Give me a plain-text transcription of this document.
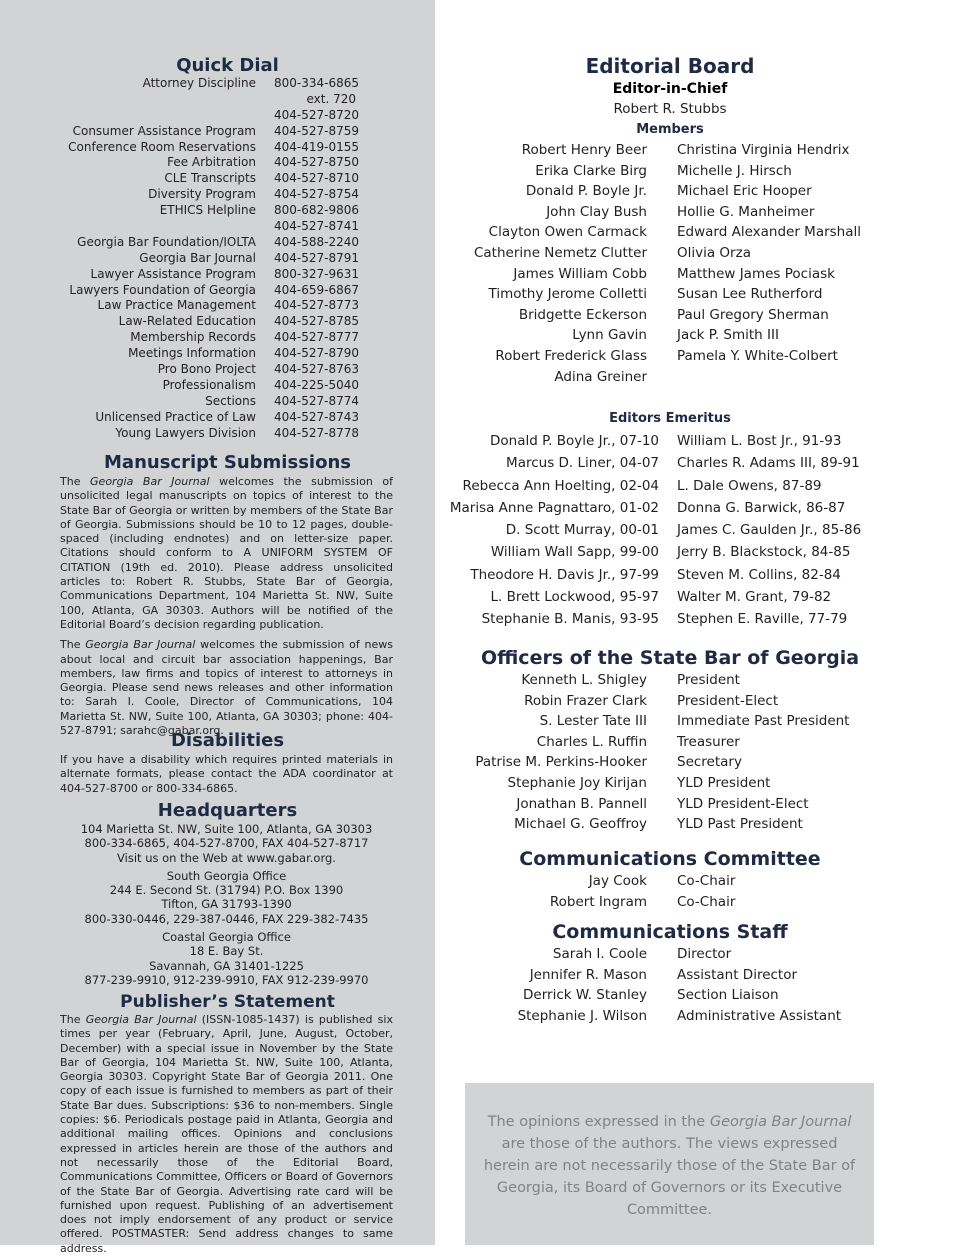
Quick Dial
Attorney Discipline 800-334-6865
ext. 720
404-527-8720
Consumer Assistance Program 404-527-8759
Conference Room Reservations 404-419-0155
Fee Arbitration 404-527-8750
CLE Transcripts 404-527-8710
Diversity Program 404-527-8754
ETHICS Helpline 800-682-9806
404-527-8741
Georgia Bar Foundation/IOLTA 404-588-2240
Georgia Bar Journal 404-527-8791
Lawyer Assistance Program 800-327-9631
Lawyers Foundation of Georgia 404-659-6867
Law Practice Management 404-527-8773
Law-Related Education 404-527-8785
Membership Records 404-527-8777
Meetings Information 404-527-8790
Pro Bono Project 404-527-8763
Professionalism 404-225-5040
Sections 404-527-8774
Unlicensed Practice of Law 404-527-8743
Young Lawyers Division 404-527-8778
Manuscript Submissions

The Georgia Bar Journal welcomes the submission of unsolicited legal manuscripts on topics of interest to the State Bar of Georgia or written by members of the State Bar of Georgia. Submissions should be 10 to 12 pages, double-spaced (including endnotes) and on letter-size paper. Citations should conform to A UNIFORM SYSTEM OF CITATION (19th ed. 2010). Please address unsolicited articles to: Robert R. Stubbs, State Bar of Georgia, Communications Department, 104 Marietta St. NW, Suite 100, Atlanta, GA 30303. Authors will be notified of the Editorial Board’s decision regarding publication.

The Georgia Bar Journal welcomes the submission of news about local and circuit bar association happenings, Bar members, law firms and topics of interest to attorneys in Georgia. Please send news releases and other information to: Sarah I. Coole, Director of Communications, 104 Marietta St. NW, Suite 100, Atlanta, GA 30303; phone: 404-527-8791; sarahc@gabar.org.

Disabilities

If you have a disability which requires printed materials in alternate formats, please contact the ADA coordinator at 404-527-8700 or 800-334-6865.

Headquarters

104 Marietta St. NW, Suite 100, Atlanta, GA 30303

800-334-6865, 404-527-8700, FAX 404-527-8717

Visit us on the Web at www.gabar.org.

South Georgia Office

244 E. Second St. (31794) P.O. Box 1390

Tifton, GA 31793-1390

800-330-0446, 229-387-0446, FAX 229-382-7435

Coastal Georgia Office

18 E. Bay St.

Savannah, GA 31401-1225

877-239-9910, 912-239-9910, FAX 912-239-9970

Publisher’s Statement

The Georgia Bar Journal (ISSN-1085-1437) is published six times per year (February, April, June, August, October, December) with a special issue in November by the State Bar of Georgia, 104 Marietta St. NW, Suite 100, Atlanta, Georgia 30303. Copyright State Bar of Georgia 2011. One copy of each issue is furnished to members as part of their State Bar dues. Subscriptions: $36 to non-members. Single copies: $6. Periodicals postage paid in Atlanta, Georgia and additional mailing offices. Opinions and conclusions expressed in articles herein are those of the authors and not necessarily those of the Editorial Board, Communications Committee, Officers or Board of Governors of the State Bar of Georgia. Advertising rate card will be furnished upon request. Publishing of an advertisement does not imply endorsement of any product or service offered. POSTMASTER: Send address changes to same address.

Editorial Board
Editor-in-Chief
Robert R. Stubbs
Members
Robert Henry Beer Christina Virginia Hendrix
Erika Clarke Birg Michelle J. Hirsch
Donald P. Boyle Jr. Michael Eric Hooper
John Clay Bush Hollie G. Manheimer
Clayton Owen Carmack Edward Alexander Marshall
Catherine Nemetz Clutter Olivia Orza
James William Cobb Matthew James Pociask
Timothy Jerome Colletti Susan Lee Rutherford
Bridgette Eckerson Paul Gregory Sherman
Lynn Gavin Jack P. Smith III
Robert Frederick Glass Pamela Y. White-Colbert
Adina Greiner
Editors Emeritus
Donald P. Boyle Jr., 07-10 William L. Bost Jr., 91-93
Marcus D. Liner, 04-07 Charles R. Adams III, 89-91
Rebecca Ann Hoelting, 02-04 L. Dale Owens, 87-89
Marisa Anne Pagnattaro, 01-02 Donna G. Barwick, 86-87
D. Scott Murray, 00-01 James C. Gaulden Jr., 85-86
William Wall Sapp, 99-00 Jerry B. Blackstock, 84-85
Theodore H. Davis Jr., 97-99 Steven M. Collins, 82-84
L. Brett Lockwood, 95-97 Walter M. Grant, 79-82
Stephanie B. Manis, 93-95 Stephen E. Raville, 77-79
Officers of the State Bar of Georgia
Kenneth L. Shigley President
Robin Frazer Clark President-Elect
S. Lester Tate III Immediate Past President
Charles L. Ruffin Treasurer
Patrise M. Perkins-Hooker Secretary
Stephanie Joy Kirijan YLD President
Jonathan B. Pannell YLD President-Elect
Michael G. Geoffroy YLD Past President
Communications Committee
Jay Cook Co-Chair
Robert Ingram Co-Chair
Communications Staff
Sarah I. Coole Director
Jennifer R. Mason Assistant Director
Derrick W. Stanley Section Liaison
Stephanie J. Wilson Administrative Assistant

The opinions expressed in the Georgia Bar Journal are those of the authors. The views expressed herein are not necessarily those of the State Bar of Georgia, its Board of Governors or its Executive Committee.
